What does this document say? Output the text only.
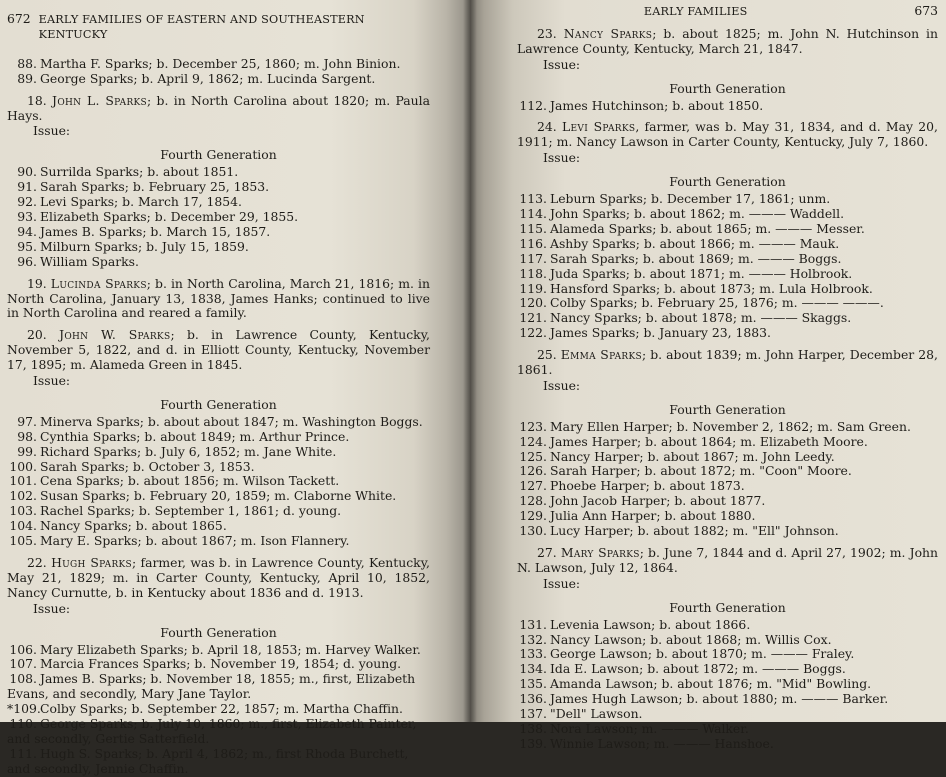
672 EARLY FAMILIES OF EASTERN AND SOUTHEASTERN KENTUCKY
88. Martha F. Sparks; b. December 25, 1860; m. John Binion.
89. George Sparks; b. April 9, 1862; m. Lucinda Sargent.
18. John L. Sparks; b. in North Carolina about 1820; m. Paula Hays.
Issue:
Fourth Generation
90. Surrilda Sparks; b. about 1851.
91. Sarah Sparks; b. February 25, 1853.
92. Levi Sparks; b. March 17, 1854.
93. Elizabeth Sparks; b. December 29, 1855.
94. James B. Sparks; b. March 15, 1857.
95. Milburn Sparks; b. July 15, 1859.
96. William Sparks.
19. Lucinda Sparks; b. in North Carolina, March 21, 1816; m. in North Carolina, January 13, 1838, James Hanks; continued to live in North Carolina and reared a family.
20. John W. Sparks; b. in Lawrence County, Kentucky, November 5, 1822, and d. in Elliott County, Kentucky, November 17, 1895; m. Alameda Green in 1845.
Issue:
Fourth Generation
97. Minerva Sparks; b. about about 1847; m. Washington Boggs.
98. Cynthia Sparks; b. about 1849; m. Arthur Prince.
99. Richard Sparks; b. July 6, 1852; m. Jane White.
100. Sarah Sparks; b. October 3, 1853.
101. Cena Sparks; b. about 1856; m. Wilson Tackett.
102. Susan Sparks; b. February 20, 1859; m. Claborne White.
103. Rachel Sparks; b. September 1, 1861; d. young.
104. Nancy Sparks; b. about 1865.
105. Mary E. Sparks; b. about 1867; m. Ison Flannery.
22. Hugh Sparks; farmer, was b. in Lawrence County, Kentucky, May 21, 1829; m. in Carter County, Kentucky, April 10, 1852, Nancy Curnutte, b. in Kentucky about 1836 and d. 1913.
Issue:
Fourth Generation
106. Mary Elizabeth Sparks; b. April 18, 1853; m. Harvey Walker.
107. Marcia Frances Sparks; b. November 19, 1854; d. young.
108. James B. Sparks; b. November 18, 1855; m., first, Elizabeth Evans, and secondly, Mary Jane Taylor.
*109.Colby Sparks; b. September 22, 1857; m. Martha Chaffin.
110. George Sparks; b. July 10, 1860; m., first, Elizabeth Painter, and secondly, Gertie Satterfield.
111. Hugh S. Sparks; b. April 4, 1862; m., first Rhoda Burchett, and secondly, Jennie Chaffin.
EARLY FAMILIES	673
23. Nancy Sparks; b. about 1825; m. John N. Hutchinson in Lawrence County, Kentucky, March 21, 1847.
Issue:
Fourth Generation
112. James Hutchinson; b. about 1850.
24. Levi Sparks, farmer, was b. May 31, 1834, and d. May 20, 1911; m. Nancy Lawson in Carter County, Kentucky, July 7, 1860.
Issue:
Fourth Generation
113. Leburn Sparks; b. December 17, 1861; unm.
114. John Sparks; b. about 1862; m. ——— Waddell.
115. Alameda Sparks; b. about 1865; m. ——— Messer.
116. Ashby Sparks; b. about 1866; m. ——— Mauk.
117. Sarah Sparks; b. about 1869; m. ——— Boggs.
118. Juda Sparks; b. about 1871; m. ——— Holbrook.
119. Hansford Sparks; b. about 1873; m. Lula Holbrook.
120. Colby Sparks; b. February 25, 1876; m. ——— ———.
121. Nancy Sparks; b. about 1878; m. ——— Skaggs.
122. James Sparks; b. January 23, 1883.
25. Emma Sparks; b. about 1839; m. John Harper, December 28, 1861.
Issue:
Fourth Generation
123. Mary Ellen Harper; b. November 2, 1862; m. Sam Green.
124. James Harper; b. about 1864; m. Elizabeth Moore.
125. Nancy Harper; b. about 1867; m. John Leedy.
126. Sarah Harper; b. about 1872; m. "Coon" Moore.
127. Phoebe Harper; b. about 1873.
128. John Jacob Harper; b. about 1877.
129. Julia Ann Harper; b. about 1880.
130. Lucy Harper; b. about 1882; m. "Ell" Johnson.
27. Mary Sparks; b. June 7, 1844 and d. April 27, 1902; m. John N. Lawson, July 12, 1864.
Issue:
Fourth Generation
131. Levenia Lawson; b. about 1866.
132. Nancy Lawson; b. about 1868; m. Willis Cox.
133. George Lawson; b. about 1870; m. ——— Fraley.
134. Ida E. Lawson; b. about 1872; m. ——— Boggs.
135. Amanda Lawson; b. about 1876; m. "Mid" Bowling.
136. James Hugh Lawson; b. about 1880; m. ——— Barker.
137. "Dell" Lawson.
138. Nora Lawson; m. ——— Walker.
139. Winnie Lawson; m. ——— Hanshoe.
